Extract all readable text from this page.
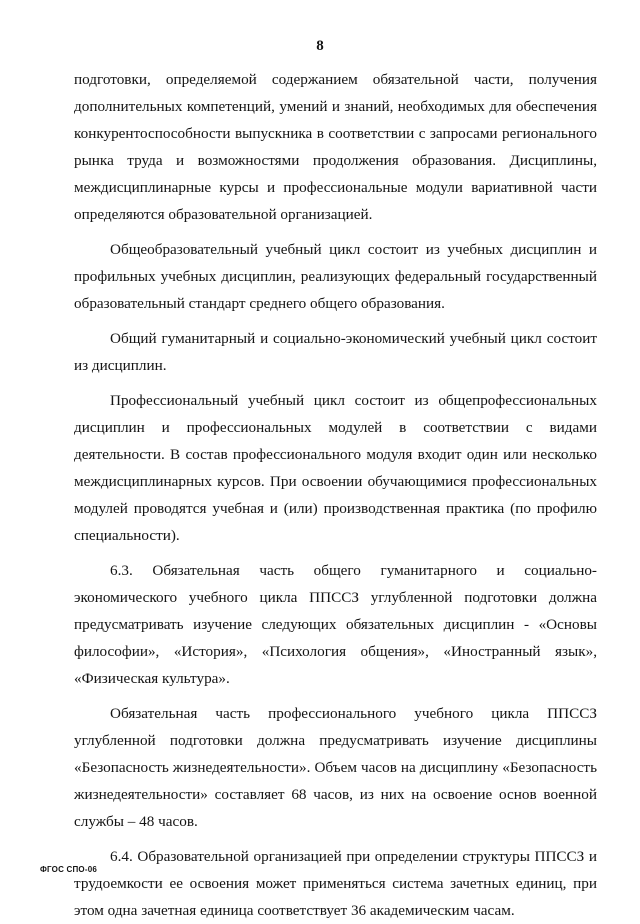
8

подготовки, определяемой содержанием обязательной части, получения дополнительных компетенций, умений и знаний, необходимых для обеспечения конкурентоспособности выпускника в соответствии с запросами регионального рынка труда и возможностями продолжения образования. Дисциплины, междисциплинарные курсы и профессиональные модули вариативной части определяются образовательной организацией.

Общеобразовательный учебный цикл состоит из учебных дисциплин и профильных учебных дисциплин, реализующих федеральный государственный образовательный стандарт среднего общего образования.

Общий гуманитарный и социально-экономический учебный цикл состоит из дисциплин.

Профессиональный учебный цикл состоит из общепрофессиональных дисциплин и профессиональных модулей в соответствии с видами деятельности. В состав профессионального модуля входит один или несколько междисциплинарных курсов. При освоении обучающимися профессиональных модулей проводятся учебная и (или) производственная практика (по профилю специальности).

6.3. Обязательная часть общего гуманитарного и социально-экономического учебного цикла ППССЗ углубленной подготовки должна предусматривать изучение следующих обязательных дисциплин - «Основы философии», «История», «Психология общения», «Иностранный язык», «Физическая культура».

Обязательная часть профессионального учебного цикла ППССЗ углубленной подготовки должна предусматривать изучение дисциплины «Безопасность жизнедеятельности». Объем часов на дисциплину «Безопасность жизнедеятельности» составляет 68 часов, из них на освоение основ военной службы – 48 часов.

6.4. Образовательной организацией при определении структуры ППССЗ и трудоемкости ее освоения может применяться система зачетных единиц, при этом одна зачетная единица соответствует 36 академическим часам.

ФГОС СПО-06
